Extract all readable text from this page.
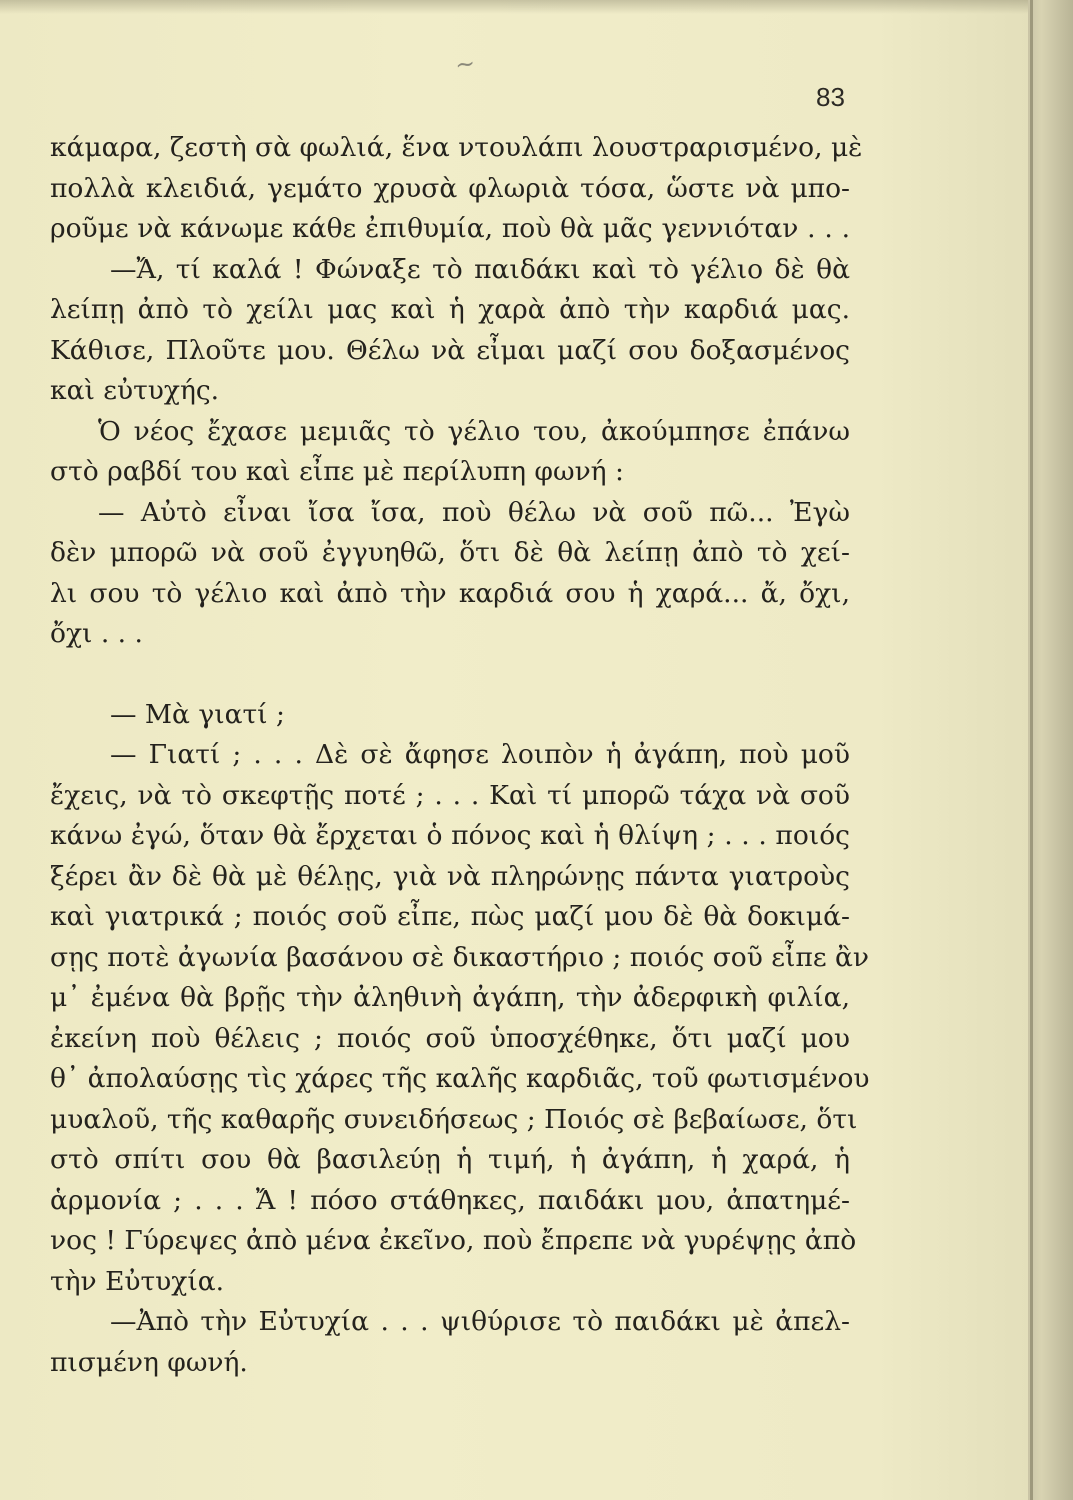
~
83
κάμαρα, ζεστὴ σὰ φωλιά, ἕνα ντουλάπι λουστραρισμένο, μὲ
πολλὰ κλειδιά, γεμάτο χρυσὰ φλωριὰ τόσα, ὥστε νὰ μπο-
ροῦμε νὰ κάνωμε κάθε ἐπιθυμία, ποὺ θὰ μᾶς γεννιόταν . . .
—Ἄ, τί καλά ! Φώναξε τὸ παιδάκι καὶ τὸ γέλιο δὲ θὰ
λείπῃ ἀπὸ τὸ χείλι μας καὶ ἡ χαρὰ ἀπὸ τὴν καρδιά μας.
Κάθισε, Πλοῦτε μου. Θέλω νὰ εἶμαι μαζί σου δοξασμένος
καὶ εὐτυχής.
Ὁ νέος ἔχασε μεμιᾶς τὸ γέλιο του, ἀκούμπησε ἐπάνω
στὸ ραβδί του καὶ εἶπε μὲ περίλυπη φωνή :
— Αὐτὸ εἶναι ἴσα ἴσα, ποὺ θέλω νὰ σοῦ πῶ... Ἐγὼ
δὲν μπορῶ νὰ σοῦ ἐγγυηθῶ, ὅτι δὲ θὰ λείπῃ ἀπὸ τὸ χεί-
λι σου τὸ γέλιο καὶ ἀπὸ τὴν καρδιά σου ἡ χαρά... ἄ, ὄχι,
ὄχι . . .
— Μὰ γιατί ;
— Γιατί ; . . . Δὲ σὲ ἄφησε λοιπὸν ἡ ἀγάπη, ποὺ μοῦ
ἔχεις, νὰ τὸ σκεφτῇς ποτέ ; . . . Καὶ τί μπορῶ τάχα νὰ σοῦ
κάνω ἐγώ, ὅταν θὰ ἔρχεται ὁ πόνος καὶ ἡ θλίψη ; . . . ποιός
ξέρει ἂν δὲ θὰ μὲ θέλῃς, γιὰ νὰ πληρώνῃς πάντα γιατροὺς
καὶ γιατρικά ; ποιός σοῦ εἶπε, πὼς μαζί μου δὲ θὰ δοκιμά-
σῃς ποτὲ ἀγωνία βασάνου σὲ δικαστήριο ; ποιός σοῦ εἶπε ἂν
μ᾽ ἐμένα θὰ βρῇς τὴν ἀληθινὴ ἀγάπη, τὴν ἀδερφικὴ φιλία,
ἐκείνη ποὺ θέλεις ; ποιός σοῦ ὑποσχέθηκε, ὅτι μαζί μου
θ᾽ ἀπολαύσῃς τὶς χάρες τῆς καλῆς καρδιᾶς, τοῦ φωτισμένου
μυαλοῦ, τῆς καθαρῆς συνειδήσεως ; Ποιός σὲ βεβαίωσε, ὅτι
στὸ σπίτι σου θὰ βασιλεύῃ ἡ τιμή, ἡ ἀγάπη, ἡ χαρά, ἡ
ἁρμονία ; . . . Ἄ ! πόσο στάθηκες, παιδάκι μου, ἀπατημέ-
νος ! Γύρεψες ἀπὸ μένα ἐκεῖνο, ποὺ ἔπρεπε νὰ γυρέψῃς ἀπὸ
τὴν Εὐτυχία.
—Ἀπὸ τὴν Εὐτυχία . . . ψιθύρισε τὸ παιδάκι μὲ ἀπελ-
πισμένη φωνή.
